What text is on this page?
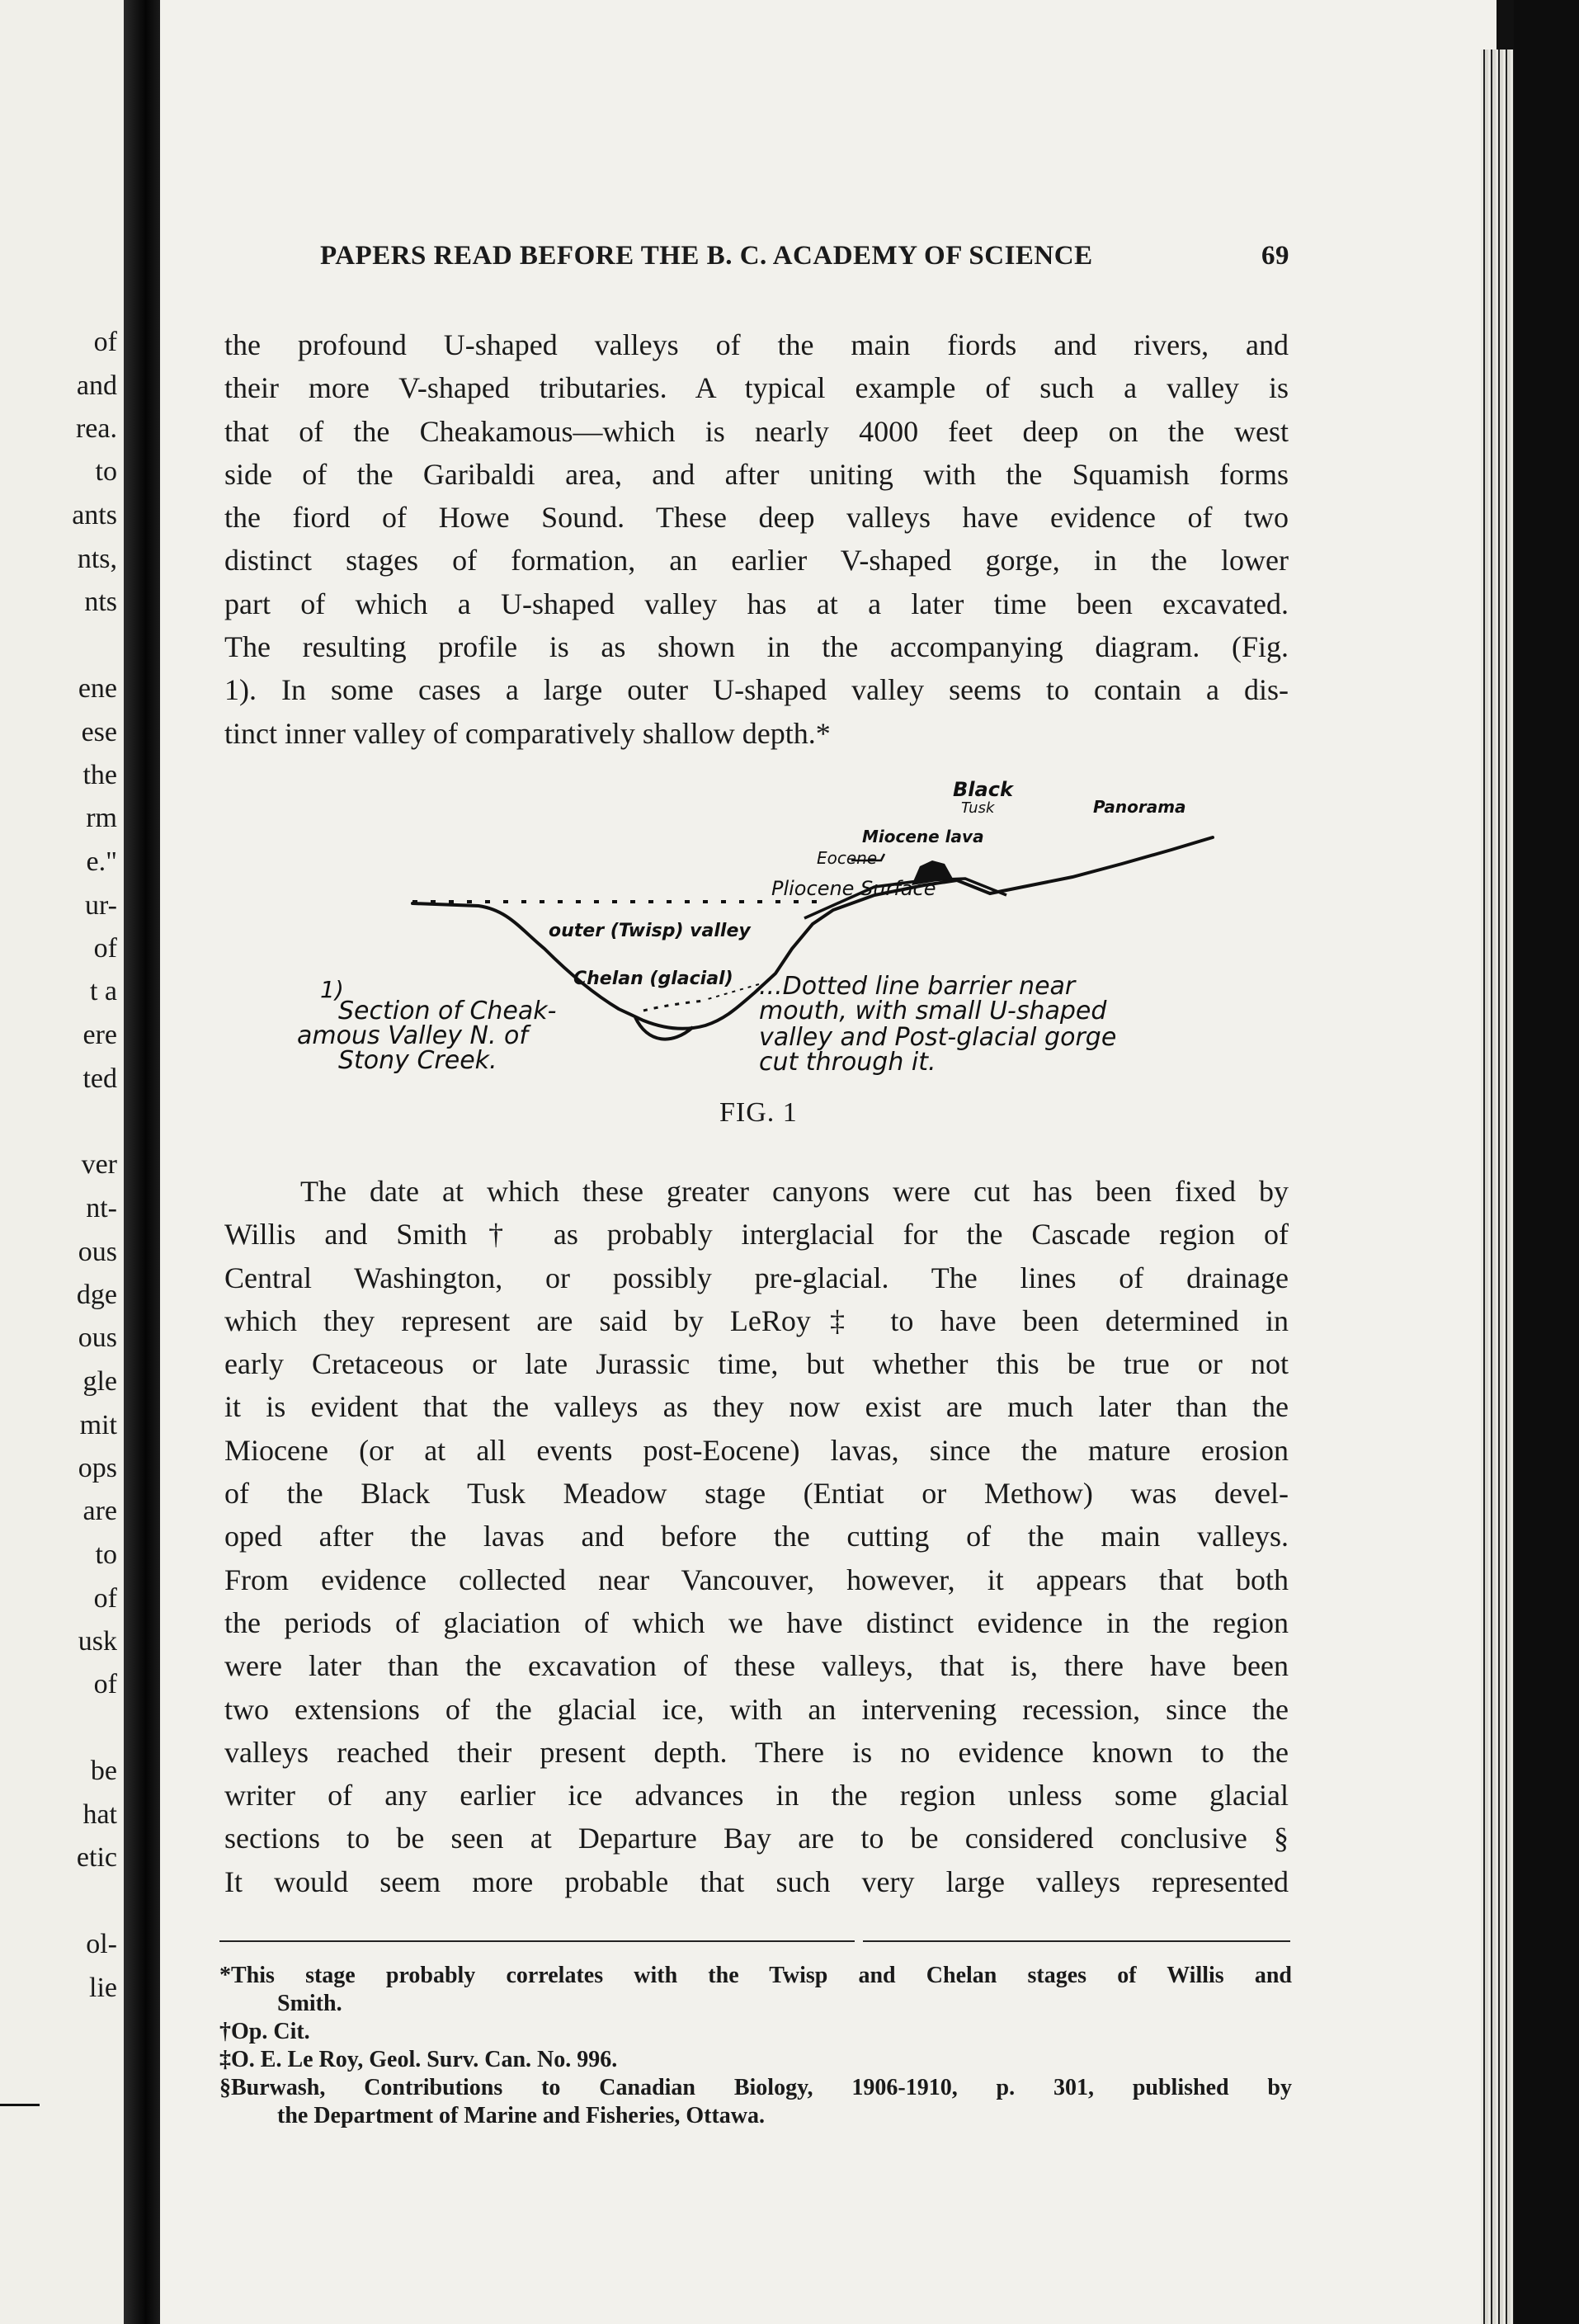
of
and
rea.
to
ants
nts,
nts
ene
ese
the
rm
e."
ur-
of
t a
ere
ted
ver
nt-
ous
dge
ous
gle
mit
ops
are
to
of
usk
of
be
hat
etic
ol-
lie
PAPERS READ BEFORE THE B. C. ACADEMY OF SCIENCE	69
the profound U-shaped valleys of the main fiords and rivers, and
their more V-shaped tributaries. A typical example of such a valley is
that of the Cheakamous—which is nearly 4000 feet deep on the west
side of the Garibaldi area, and after uniting with the Squamish forms
the fiord of Howe Sound. These deep valleys have evidence of two
distinct stages of formation, an earlier V-shaped gorge, in the lower
part of which a U-shaped valley has at a later time been excavated.
The resulting profile is as shown in the accompanying diagram. (Fig.
1). In some cases a large outer U-shaped valley seems to contain a dis-
tinct inner valley of comparatively shallow depth.*
Black
Tusk	Panorama
Miocene lava
Eocene
Pliocene Surface
outer (Twisp) valley
Chelan (glacial)
1)
Section of Cheak-
amous Valley N. of
Stony Creek.
...Dotted line barrier near
mouth, with small U-shaped
valley and Post-glacial gorge
cut through it.
FIG. 1
The date at which these greater canyons were cut has been fixed by
Willis and Smith† as probably interglacial for the Cascade region of
Central Washington, or possibly pre-glacial. The lines of drainage
which they represent are said by LeRoy‡ to have been determined in
early Cretaceous or late Jurassic time, but whether this be true or not
it is evident that the valleys as they now exist are much later than the
Miocene (or at all events post-Eocene) lavas, since the mature erosion
of the Black Tusk Meadow stage (Entiat or Methow) was devel-
oped after the lavas and before the cutting of the main valleys.
From evidence collected near Vancouver, however, it appears that both
the periods of glaciation of which we have distinct evidence in the region
were later than the excavation of these valleys, that is, there have been
two extensions of the glacial ice, with an intervening recession, since the
valleys reached their present depth. There is no evidence known to the
writer of any earlier ice advances in the region unless some glacial
sections to be seen at Departure Bay are to be considered conclusive §
It would seem more probable that such very large valleys represented
*This stage probably correlates with the Twisp and Chelan stages of Willis and
Smith.
†Op. Cit.
‡O. E. Le Roy, Geol. Surv. Can. No. 996.
§Burwash, Contributions to Canadian Biology, 1906-1910, p. 301, published by
the Department of Marine and Fisheries, Ottawa.
